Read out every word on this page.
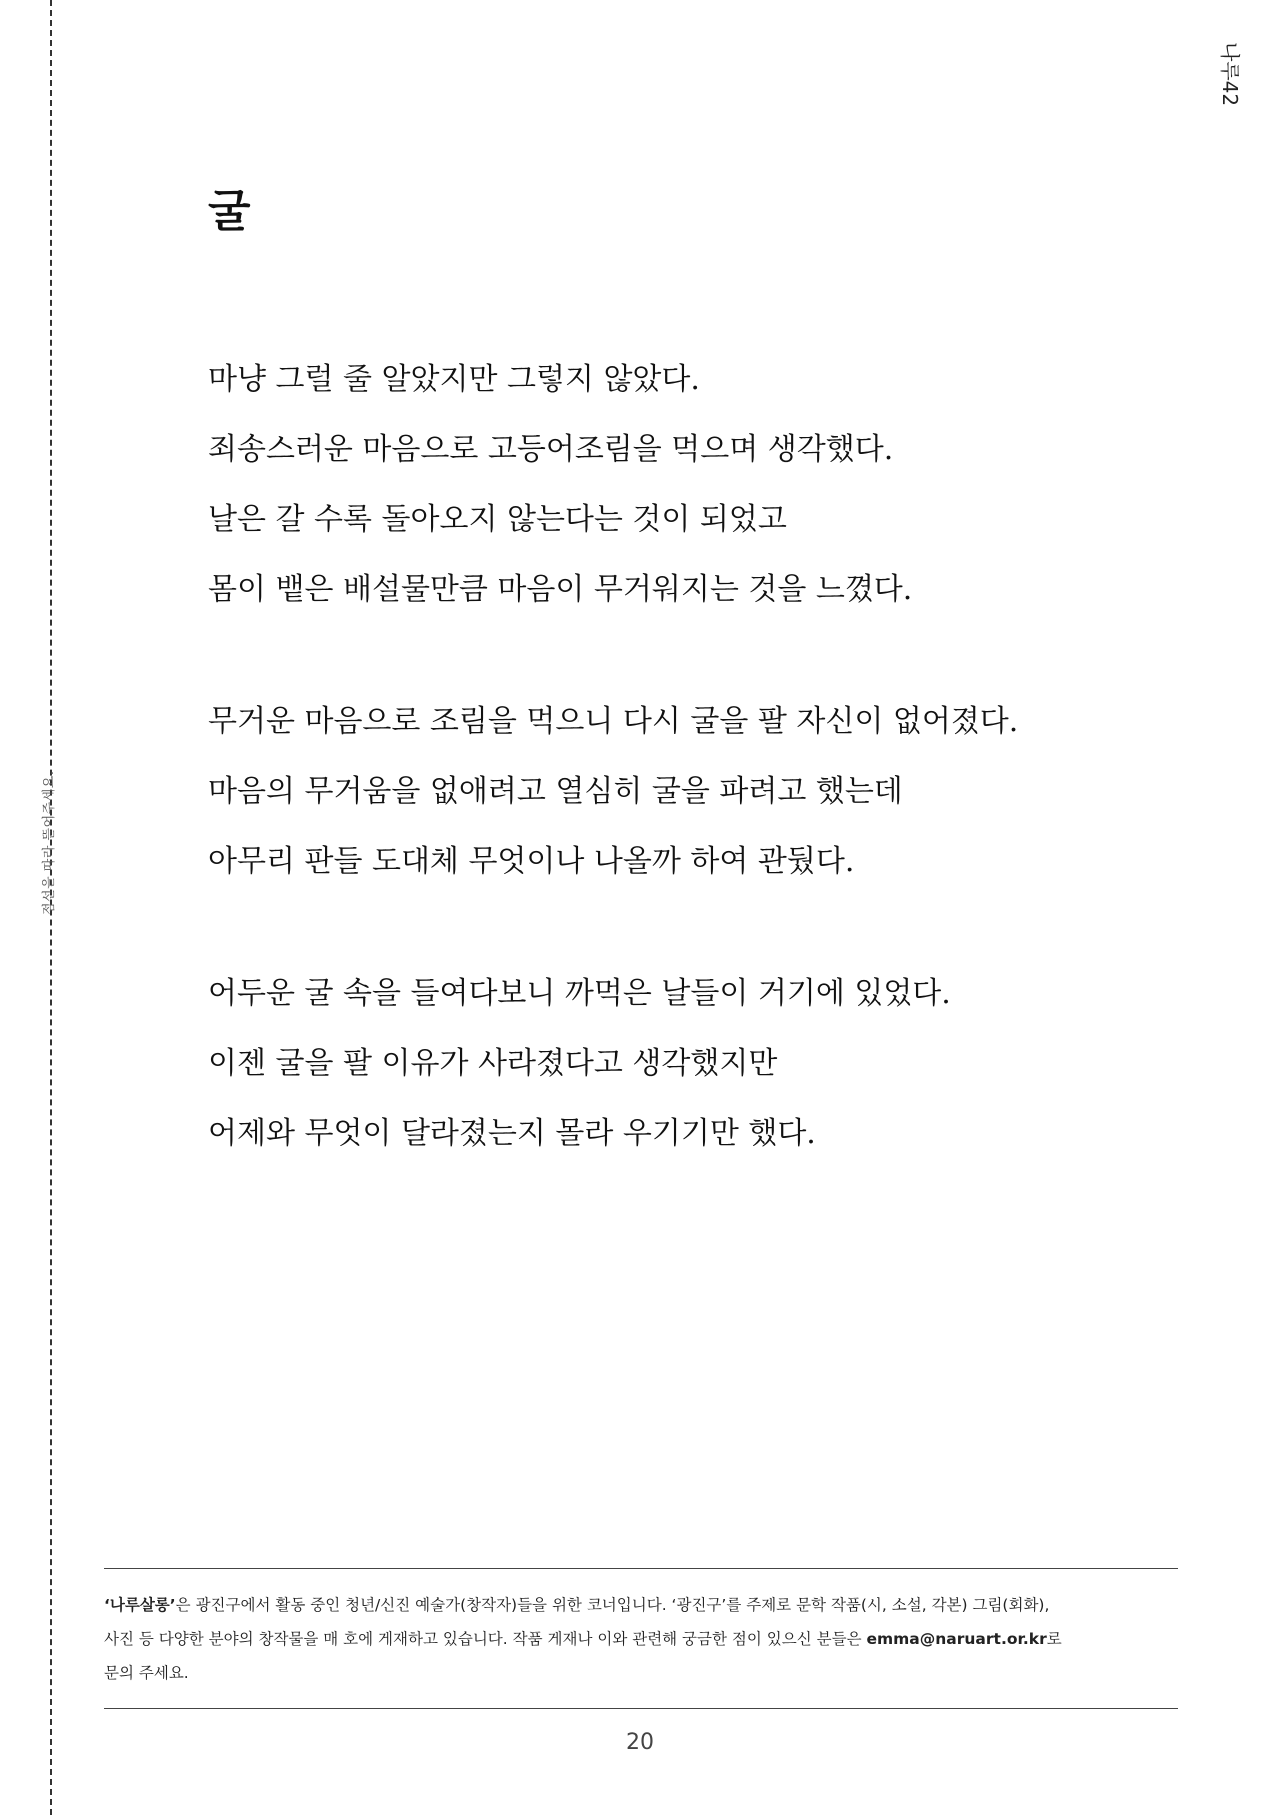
점선을 따라 뜯어주세요.
나루42
굴
마냥 그럴 줄 알았지만 그렇지 않았다.
죄송스러운 마음으로 고등어조림을 먹으며 생각했다.
날은 갈 수록 돌아오지 않는다는 것이 되었고
몸이 뱉은 배설물만큼 마음이 무거워지는 것을 느꼈다.
무거운 마음으로 조림을 먹으니 다시 굴을 팔 자신이 없어졌다.
마음의 무거움을 없애려고 열심히 굴을 파려고 했는데
아무리 판들 도대체 무엇이나 나올까 하여 관뒀다.
어두운 굴 속을 들여다보니 까먹은 날들이 거기에 있었다.
이젠 굴을 팔 이유가 사라졌다고 생각했지만
어제와 무엇이 달라졌는지 몰라 우기기만 했다.
‘나루살롱’은 광진구에서 활동 중인 청년/신진 예술가(창작자)들을 위한 코너입니다. ‘광진구’를 주제로 문학 작품(시, 소설, 각본) 그림(회화),
사진 등 다양한 분야의 창작물을 매 호에 게재하고 있습니다. 작품 게재나 이와 관련해 궁금한 점이 있으신 분들은 emma@naruart.or.kr로
문의 주세요.
20
